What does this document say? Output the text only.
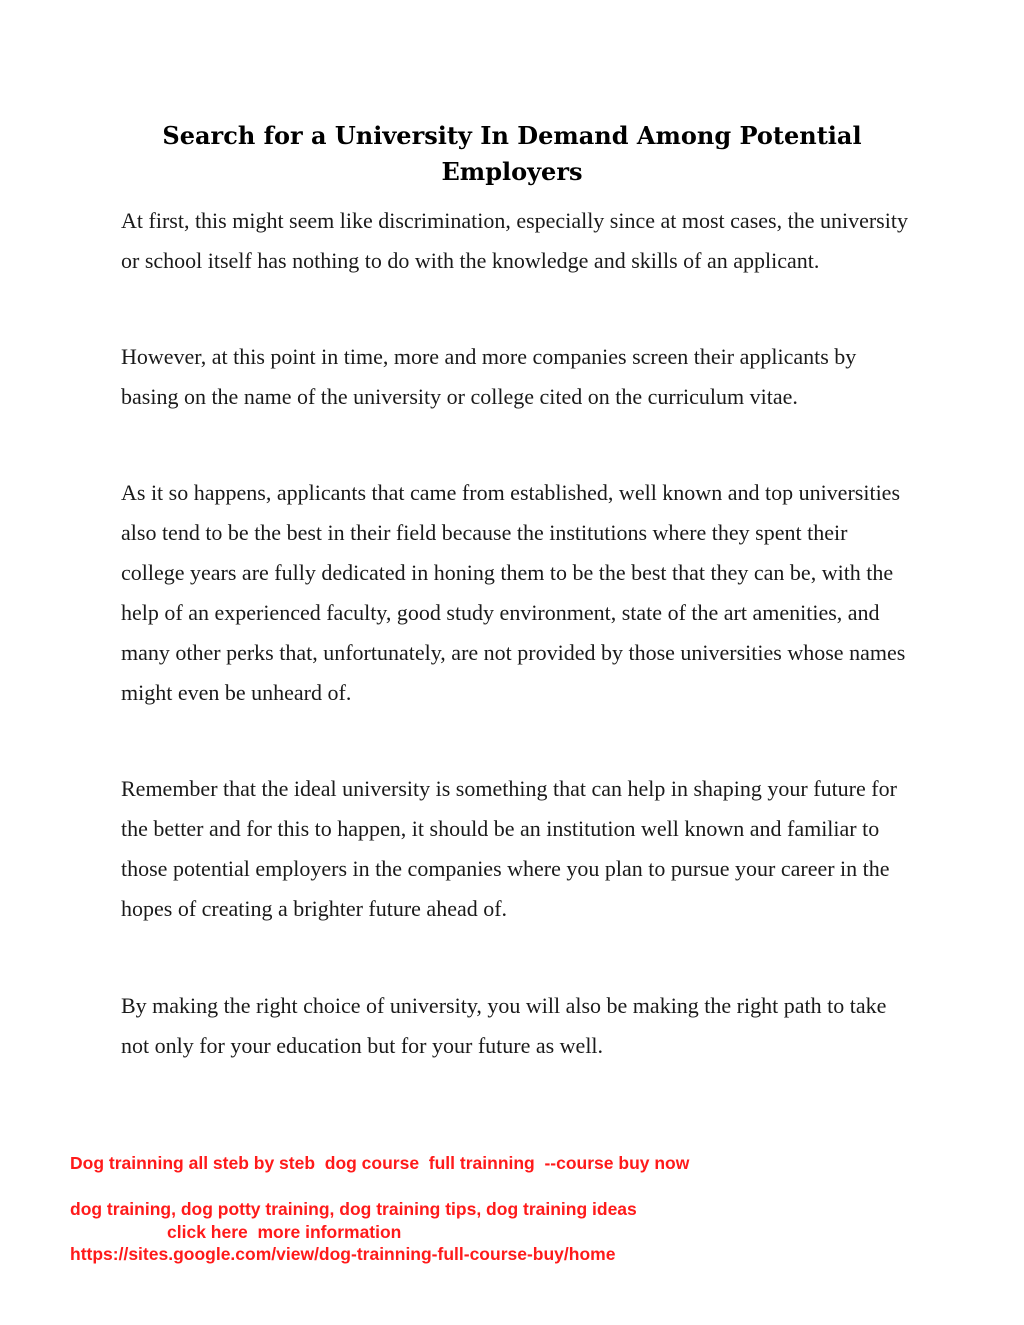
Search for a University In Demand Among Potential Employers

At first, this might seem like discrimination, especially since at most cases, the university or school itself has nothing to do with the knowledge and skills of an applicant.

However, at this point in time, more and more companies screen their applicants by basing on the name of the university or college cited on the curriculum vitae.

As it so happens, applicants that came from established, well known and top universities also tend to be the best in their field because the institutions where they spent their college years are fully dedicated in honing them to be the best that they can be, with the help of an experienced faculty, good study environment, state of the art amenities, and many other perks that, unfortunately, are not provided by those universities whose names might even be unheard of.

Remember that the ideal university is something that can help in shaping your future for the better and for this to happen, it should be an institution well known and familiar to those potential employers in the companies where you plan to pursue your career in the hopes of creating a brighter future ahead of.

By making the right choice of university, you will also be making the right path to take not only for your education but for your future as well.

Dog trainning all steb by steb  dog course  full trainning  --course buy now

dog training, dog potty training, dog training tips, dog training ideas

click here  more information

https://sites.google.com/view/dog-trainning-full-course-buy/home
